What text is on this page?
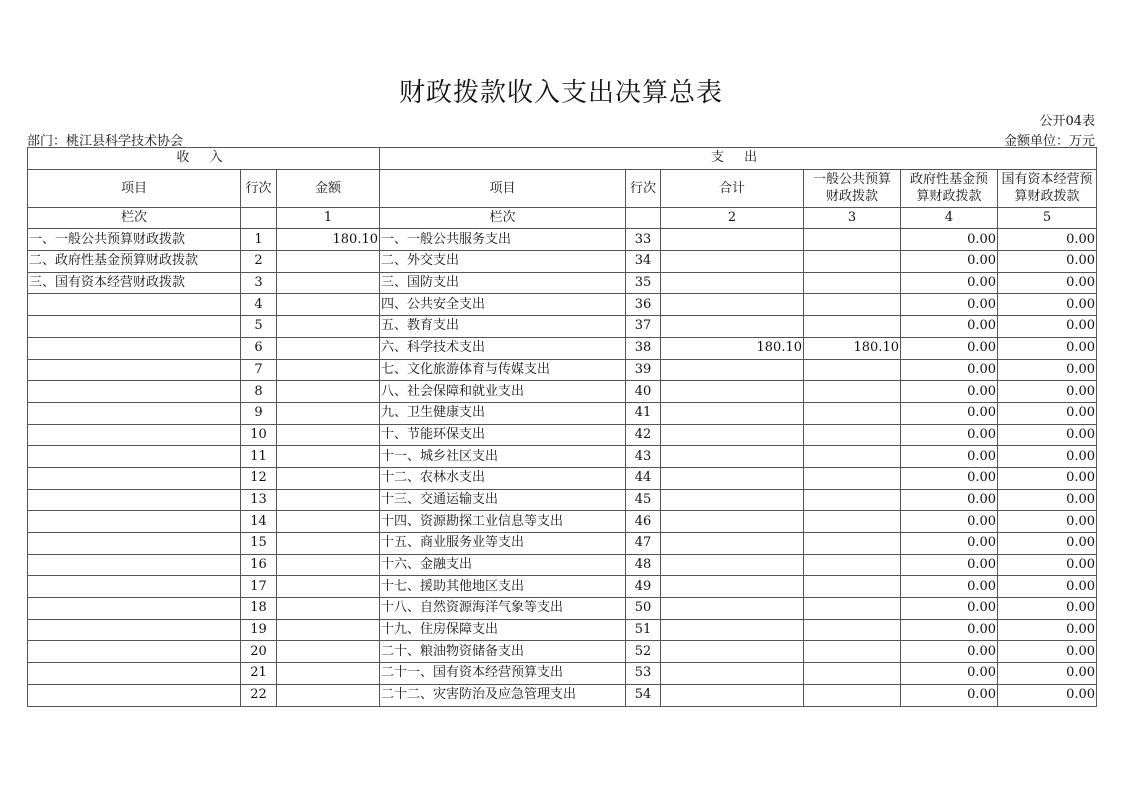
财政拨款收入支出决算总表
公开04表
部门：桃江县科学技术协会	金额单位：万元
收 入			支 出					
项目	行次	金额	项目	行次	合计	一般公共预算财政拨款	政府性基金预算财政拨款	国有资本经营预算财政拨款
栏次		1	栏次		2	3	4	5
一、一般公共预算财政拨款	1	180.10	一、一般公共服务支出	33			0.00	0.00
二、政府性基金预算财政拨款	2		二、外交支出	34			0.00	0.00
三、国有资本经营财政拨款	3		三、国防支出	35			0.00	0.00
	4		四、公共安全支出	36			0.00	0.00
	5		五、教育支出	37			0.00	0.00
	6		六、科学技术支出	38	180.10	180.10	0.00	0.00
	7		七、文化旅游体育与传媒支出	39			0.00	0.00
	8		八、社会保障和就业支出	40			0.00	0.00
	9		九、卫生健康支出	41			0.00	0.00
	10		十、节能环保支出	42			0.00	0.00
	11		十一、城乡社区支出	43			0.00	0.00
	12		十二、农林水支出	44			0.00	0.00
	13		十三、交通运输支出	45			0.00	0.00
	14		十四、资源勘探工业信息等支出	46			0.00	0.00
	15		十五、商业服务业等支出	47			0.00	0.00
	16		十六、金融支出	48			0.00	0.00
	17		十七、援助其他地区支出	49			0.00	0.00
	18		十八、自然资源海洋气象等支出	50			0.00	0.00
	19		十九、住房保障支出	51			0.00	0.00
	20		二十、粮油物资储备支出	52			0.00	0.00
	21		二十一、国有资本经营预算支出	53			0.00	0.00
	22		二十二、灾害防治及应急管理支出	54			0.00	0.00
